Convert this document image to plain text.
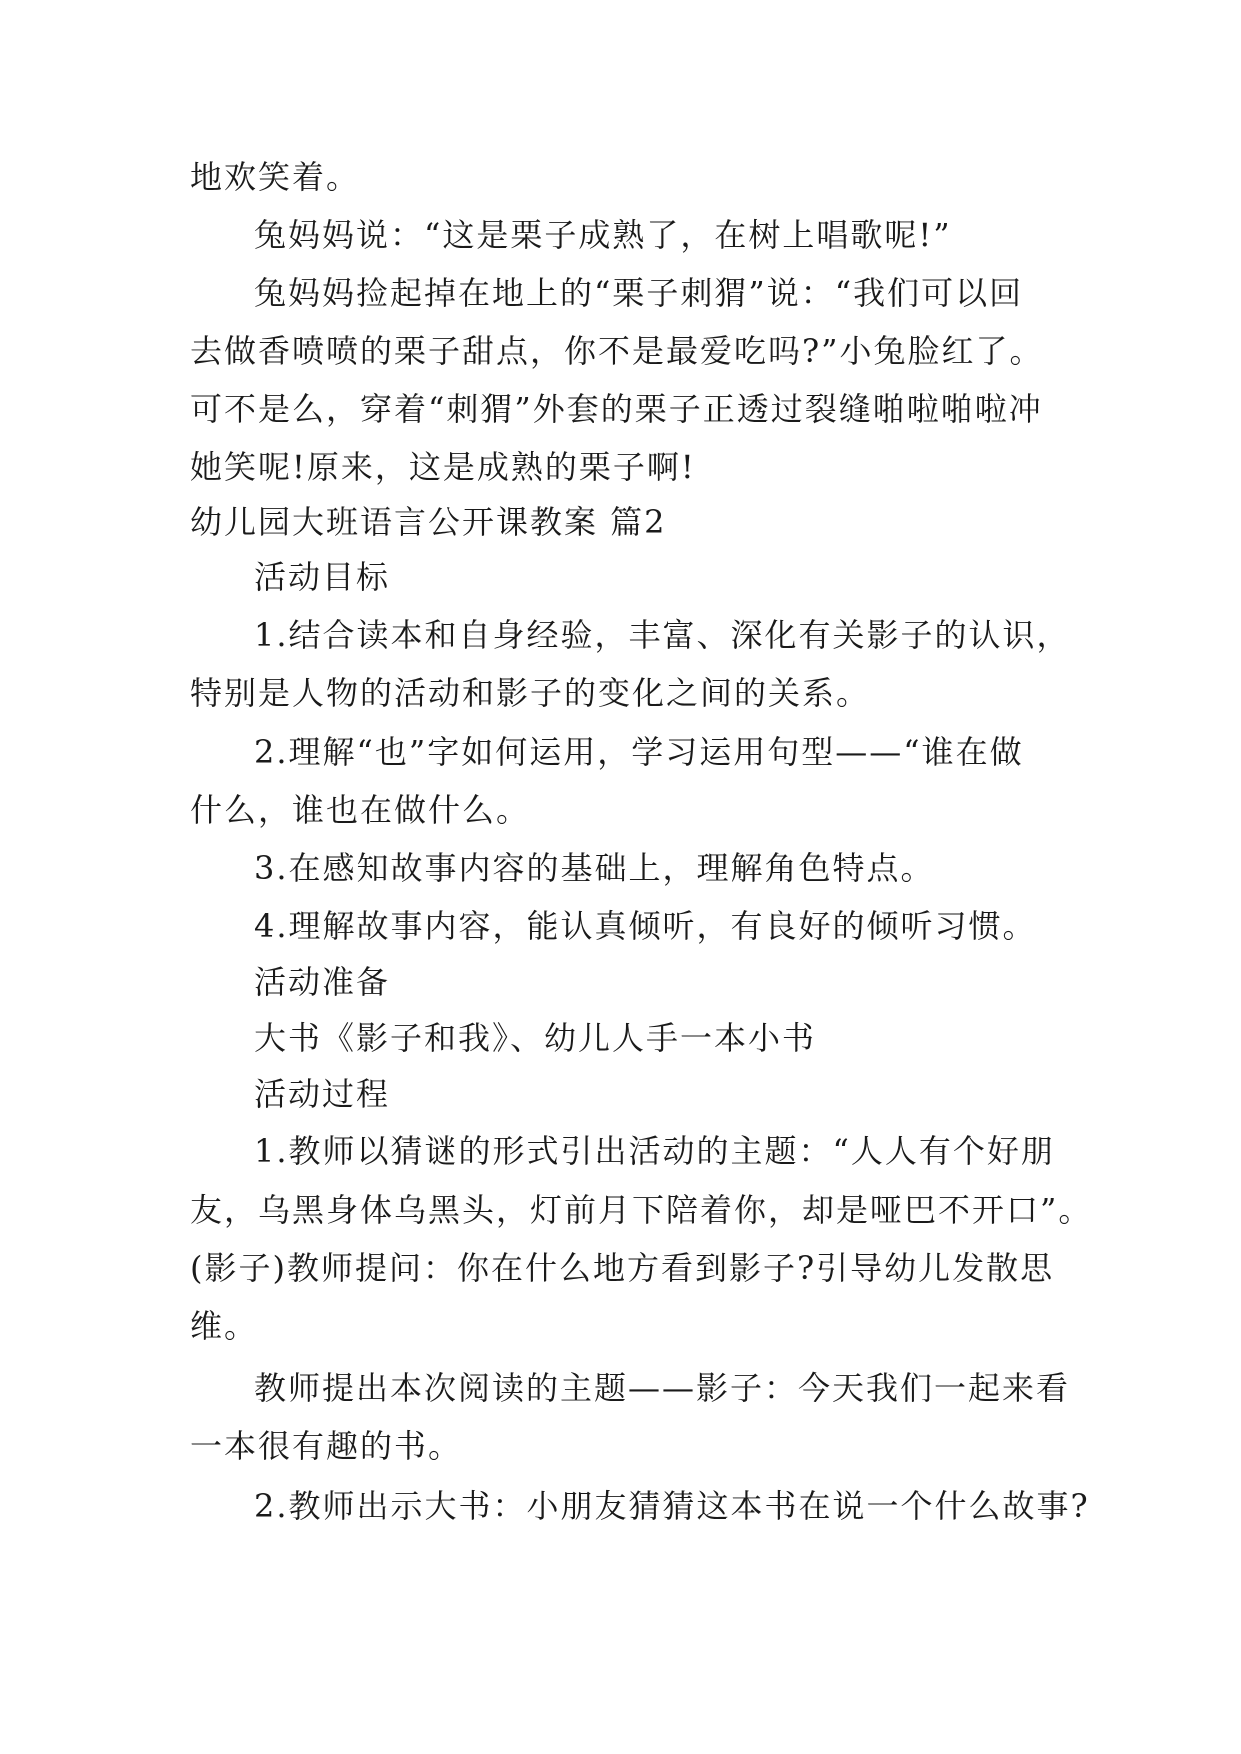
地欢笑着。
兔妈妈说：“这是栗子成熟了，在树上唱歌呢!”
兔妈妈捡起掉在地上的“栗子刺猬”说：“我们可以回
去做香喷喷的栗子甜点，你不是最爱吃吗?”小兔脸红了。
可不是么，穿着“刺猬”外套的栗子正透过裂缝啪啦啪啦冲
她笑呢!原来，这是成熟的栗子啊!
幼儿园大班语言公开课教案 篇2
活动目标
1.结合读本和自身经验，丰富、深化有关影子的认识，
特别是人物的活动和影子的变化之间的关系。
2.理解“也”字如何运用，学习运用句型——“谁在做
什么，谁也在做什么。
3.在感知故事内容的基础上，理解角色特点。
4.理解故事内容，能认真倾听，有良好的倾听习惯。
活动准备
大书《影子和我》、幼儿人手一本小书
活动过程
1.教师以猜谜的形式引出活动的主题：“人人有个好朋
友，乌黑身体乌黑头，灯前月下陪着你，却是哑巴不开口”。
(影子)教师提问：你在什么地方看到影子?引导幼儿发散思
维。
教师提出本次阅读的主题——影子：今天我们一起来看
一本很有趣的书。
2.教师出示大书：小朋友猜猜这本书在说一个什么故事?
